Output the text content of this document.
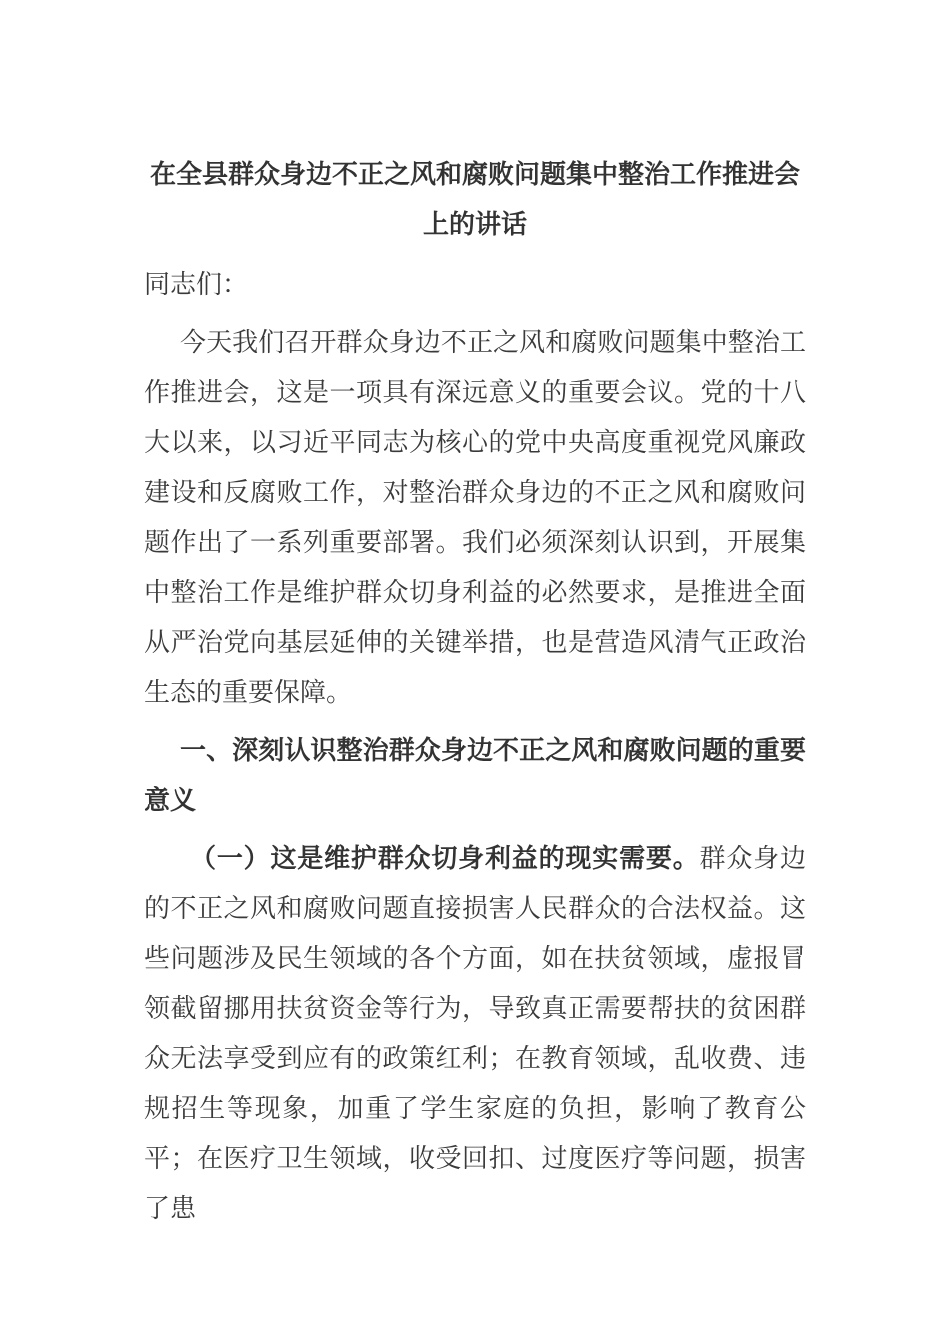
在全县群众身边不正之风和腐败问题集中整治工作推进会
上的讲话

同志们：

今天我们召开群众身边不正之风和腐败问题集中整治工作推进会，这是一项具有深远意义的重要会议。党的十八大以来，以习近平同志为核心的党中央高度重视党风廉政建设和反腐败工作，对整治群众身边的不正之风和腐败问题作出了一系列重要部署。我们必须深刻认识到，开展集中整治工作是维护群众切身利益的必然要求，是推进全面从严治党向基层延伸的关键举措，也是营造风清气正政治生态的重要保障。

一、深刻认识整治群众身边不正之风和腐败问题的重要意义

（一）这是维护群众切身利益的现实需要。群众身边的不正之风和腐败问题直接损害人民群众的合法权益。这些问题涉及民生领域的各个方面，如在扶贫领域，虚报冒领截留挪用扶贫资金等行为，导致真正需要帮扶的贫困群众无法享受到应有的政策红利；在教育领域，乱收费、违规招生等现象，加重了学生家庭的负担，影响了教育公平；在医疗卫生领域，收受回扣、过度医疗等问题，损害了患
